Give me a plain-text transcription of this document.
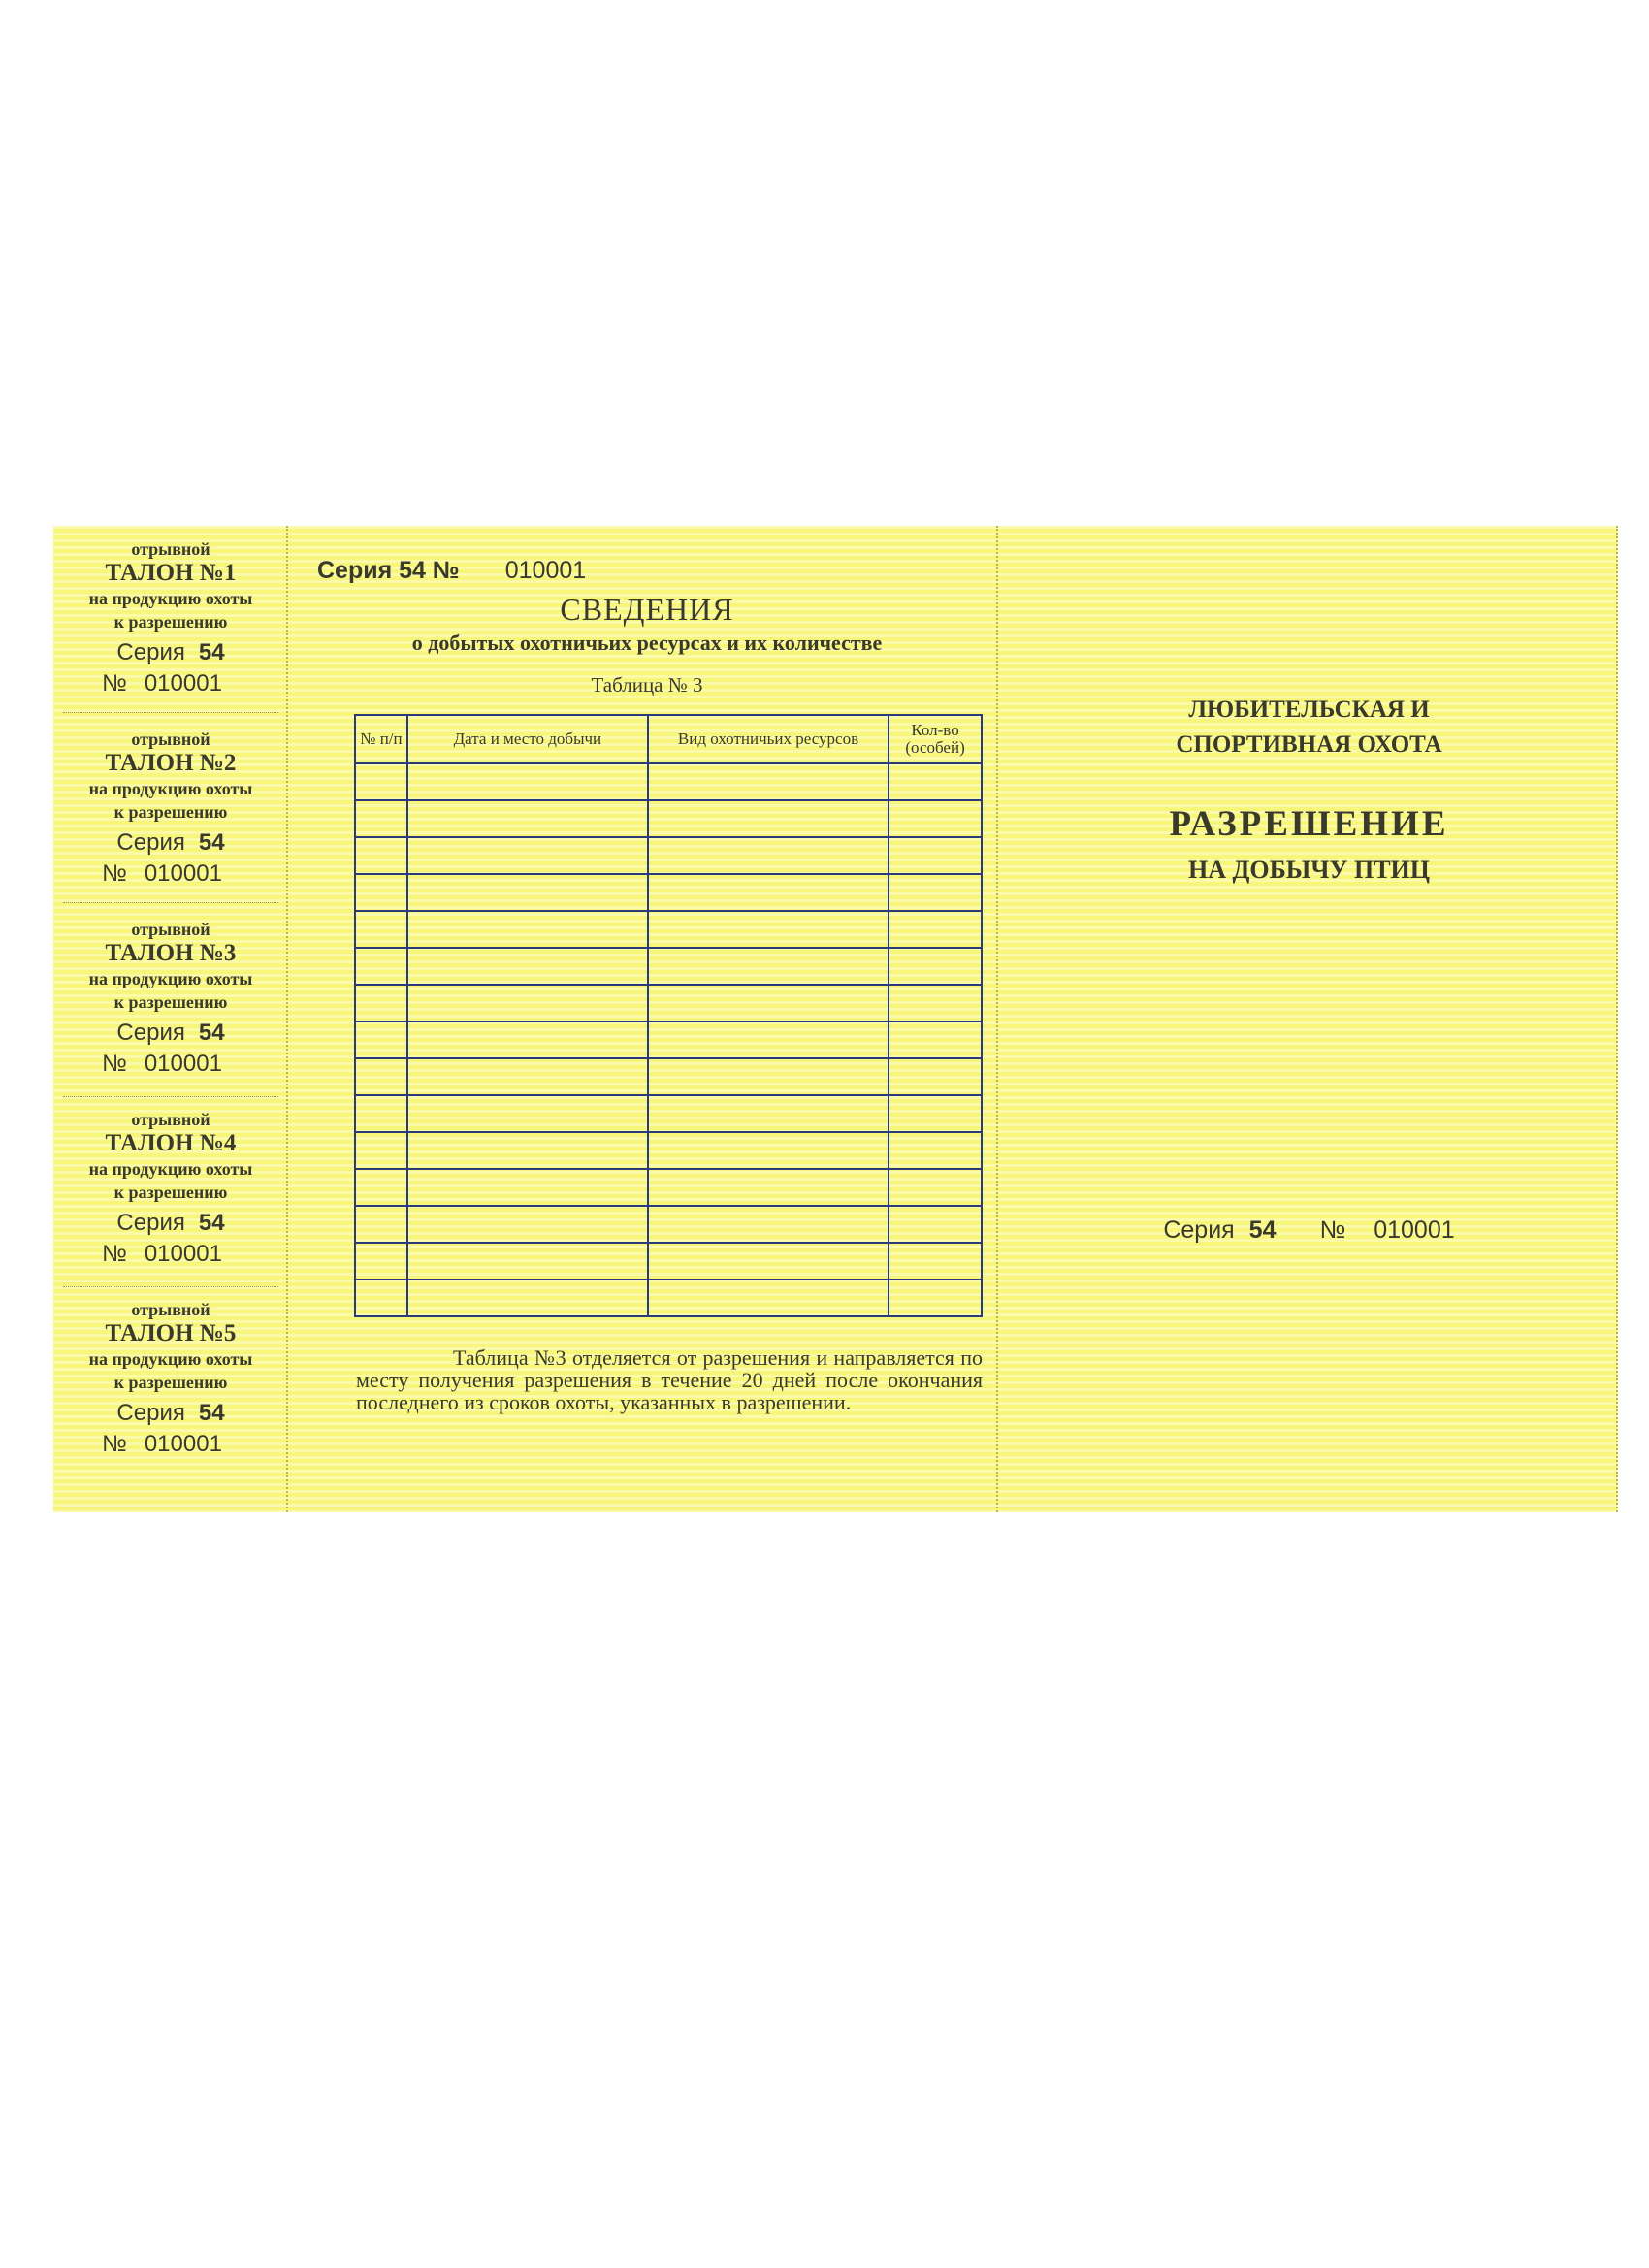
отрывной
ТАЛОН №1
на продукцию охоты
к разрешению
Серия 54
№ 010001
отрывной
ТАЛОН №2
на продукцию охоты
к разрешению
Серия 54
№ 010001
отрывной
ТАЛОН №3
на продукцию охоты
к разрешению
Серия 54
№ 010001
отрывной
ТАЛОН №4
на продукцию охоты
к разрешению
Серия 54
№ 010001
отрывной
ТАЛОН №5
на продукцию охоты
к разрешению
Серия 54
№ 010001
Серия 54 № 010001
СВЕДЕНИЯ
о добытых охотничьих ресурсах и их количестве
Таблица № 3
№ п/п	Дата и место добычи	Вид охотничьих ресурсов	Кол-во (особей)

Таблица №3 отделяется от разрешения и направляется по месту получения разрешения в течение 20 дней после окончания последнего из сроков охоты, указанных в разрешении.
ЛЮБИТЕЛЬСКАЯ И
СПОРТИВНАЯ ОХОТА
РАЗРЕШЕНИЕ
НА ДОБЫЧУ ПТИЦ
Серия 54 № 010001
